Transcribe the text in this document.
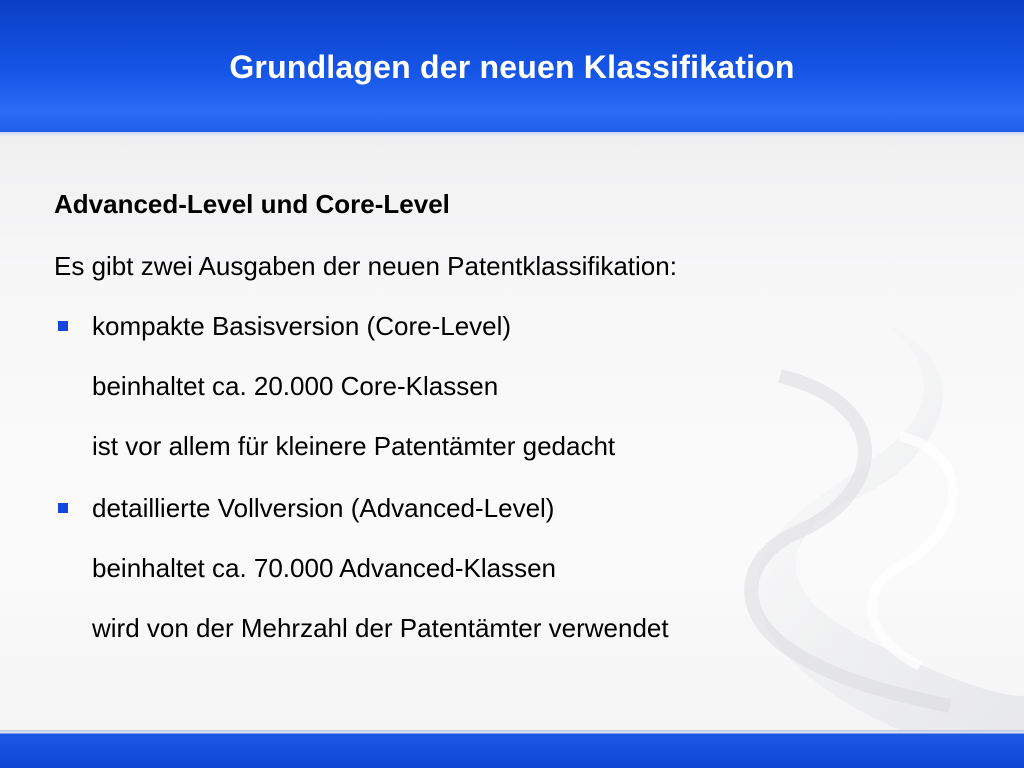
Grundlagen der neuen Klassifikation
Advanced-Level und Core-Level
Es gibt zwei Ausgaben der neuen Patentklassifikation:
kompakte Basisversion (Core-Level)
beinhaltet ca. 20.000 Core-Klassen
ist vor allem für kleinere Patentämter gedacht
detaillierte Vollversion (Advanced-Level)
beinhaltet ca. 70.000 Advanced-Klassen
wird von der Mehrzahl der Patentämter verwendet
